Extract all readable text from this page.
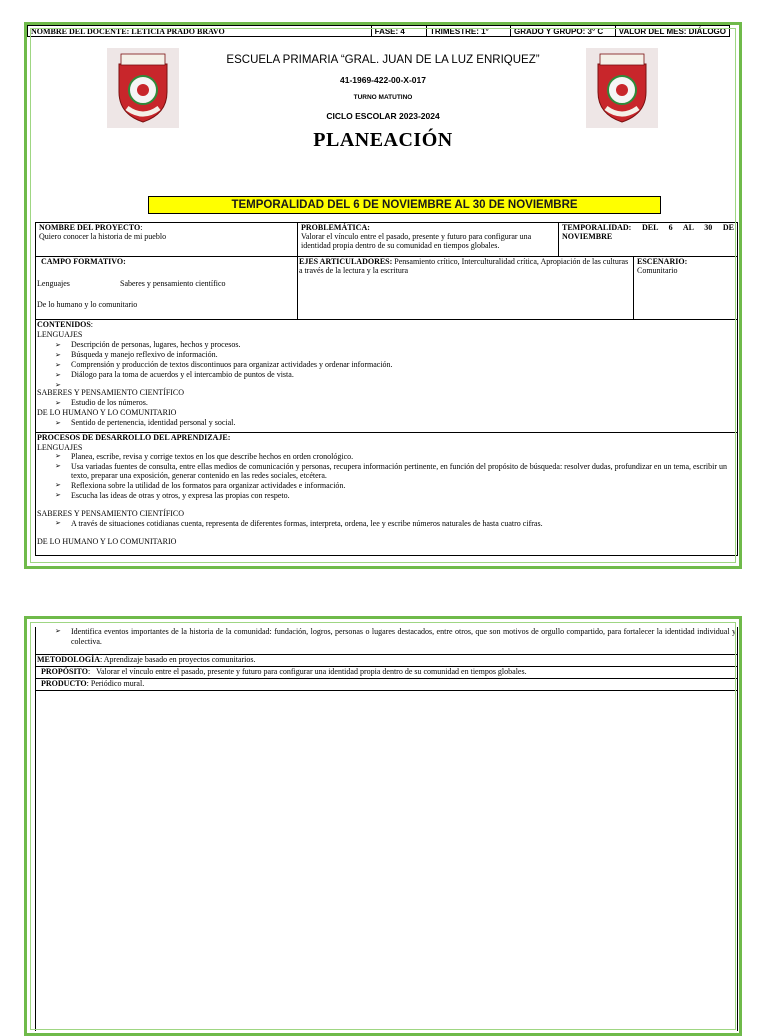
ESCUELA PRIMARIA “GRAL. JUAN DE LA LUZ ENRIQUEZ”
41-1969-422-00-X-017
TURNO MATUTINO
CICLO ESCOLAR 2023-2024
PLANEACIÓN
NOMBRE DEL DOCENTE: LETICIA PRADO BRAVO	FASE: 4	TRIMESTRE: 1°	GRADO Y GRUPO: 3° C	VALOR DEL MES: DIÁLOGO
TEMPORALIDAD DEL 6 DE NOVIEMBRE AL 30 DE NOVIEMBRE
NOMBRE DEL PROYECTO:
Quiero conocer la historia de mi pueblo
PROBLEMÁTICA:
Valorar el vínculo entre el pasado, presente y futuro para configurar una identidad propia dentro de su comunidad en tiempos globales.
TEMPORALIDAD: DEL 6 AL 30 DE NOVIEMBRE
CAMPO FORMATIVO:
Lenguajes	Saberes y pensamiento científico
De lo humano y lo comunitario
EJES ARTICULADORES: Pensamiento crítico, Interculturalidad crítica, Apropiación de las culturas a través de la lectura y la escritura
ESCENARIO:
Comunitario
CONTENIDOS:
LENGUAJES
➢ Descripción de personas, lugares, hechos y procesos.
➢ Búsqueda y manejo reflexivo de información.
➢ Comprensión y producción de textos discontinuos para organizar actividades y ordenar información.
➢ Diálogo para la toma de acuerdos y el intercambio de puntos de vista.
➢
SABERES Y PENSAMIENTO CIENTÍFICO
➢ Estudio de los números.
DE LO HUMANO Y LO COMUNITARIO
➢ Sentido de pertenencia, identidad personal y social.
PROCESOS DE DESARROLLO DEL APRENDIZAJE:
LENGUAJES
➢ Planea, escribe, revisa y corrige textos en los que describe hechos en orden cronológico.
➢ Usa variadas fuentes de consulta, entre ellas medios de comunicación y personas, recupera información pertinente, en función del propósito de búsqueda: resolver dudas, profundizar en un tema, escribir un texto, preparar una exposición, generar contenido en las redes sociales, etcétera.
➢ Reflexiona sobre la utilidad de los formatos para organizar actividades e información.
➢ Escucha las ideas de otras y otros, y expresa las propias con respeto.
SABERES Y PENSAMIENTO CIENTÍFICO
➢ A través de situaciones cotidianas cuenta, representa de diferentes formas, interpreta, ordena, lee y escribe números naturales de hasta cuatro cifras.
DE LO HUMANO Y LO COMUNITARIO
➢ Identifica eventos importantes de la historia de la comunidad: fundación, logros, personas o lugares destacados, entre otros, que son motivos de orgullo compartido, para fortalecer la identidad individual y colectiva.
METODOLOGÍA: Aprendizaje basado en proyectos comunitarios.
PROPÓSITO:   Valorar el vínculo entre el pasado, presente y futuro para configurar una identidad propia dentro de su comunidad en tiempos globales.
PRODUCTO: Periódico mural.
